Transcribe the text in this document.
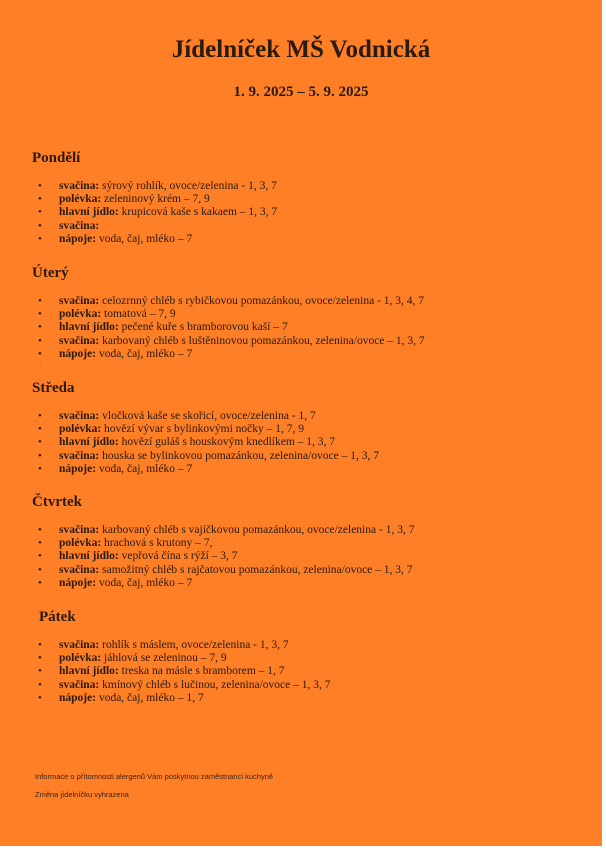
Jídelníček MŠ Vodnická
1. 9. 2025 – 5. 9. 2025
Pondělí
• svačina: sýrový rohlík, ovoce/zelenina - 1, 3, 7
• polévka: zeleninový krém – 7, 9
• hlavní jídlo: krupicová kaše s kakaem – 1, 3, 7
• svačina:
• nápoje: voda, čaj, mléko – 7
Úterý
• svačina: celozrnný chléb s rybičkovou pomazánkou, ovoce/zelenina - 1, 3, 4, 7
• polévka: tomatová – 7, 9
• hlavní jídlo: pečené kuře s bramborovou kaší – 7
• svačina: karbovaný chléb s luštěninovou pomazánkou, zelenina/ovoce – 1, 3, 7
• nápoje: voda, čaj, mléko – 7
Středa
• svačina: vločková kaše se skořicí, ovoce/zelenina - 1, 7
• polévka: hovězí vývar s bylinkovými nočky – 1, 7, 9
• hlavní jídlo: hovězí guláš s houskovým knedlíkem – 1, 3, 7
• svačina: houska se bylinkovou pomazánkou, zelenina/ovoce – 1, 3, 7
• nápoje: voda, čaj, mléko – 7
Čtvrtek
• svačina: karbovaný chléb s vajíčkovou pomazánkou, ovoce/zelenina - 1, 3, 7
• polévka: hrachová s krutony – 7,
• hlavní jídlo: vepřová čína s rýží – 3, 7
• svačina: samožitný chléb s rajčatovou pomazánkou, zelenina/ovoce – 1, 3, 7
• nápoje: voda, čaj, mléko – 7
Pátek
• svačina: rohlík s máslem, ovoce/zelenina - 1, 3, 7
• polévka: jáhlová se zeleninou – 7, 9
• hlavní jídlo: treska na másle s bramborem – 1, 7
• svačina: kmínový chléb s lučinou, zelenina/ovoce – 1, 3, 7
• nápoje: voda, čaj, mléko – 1, 7

Informace o přítomnosti alergenů Vám poskytnou zaměstnanci kuchyně

Změna jídelníčku vyhrazena
